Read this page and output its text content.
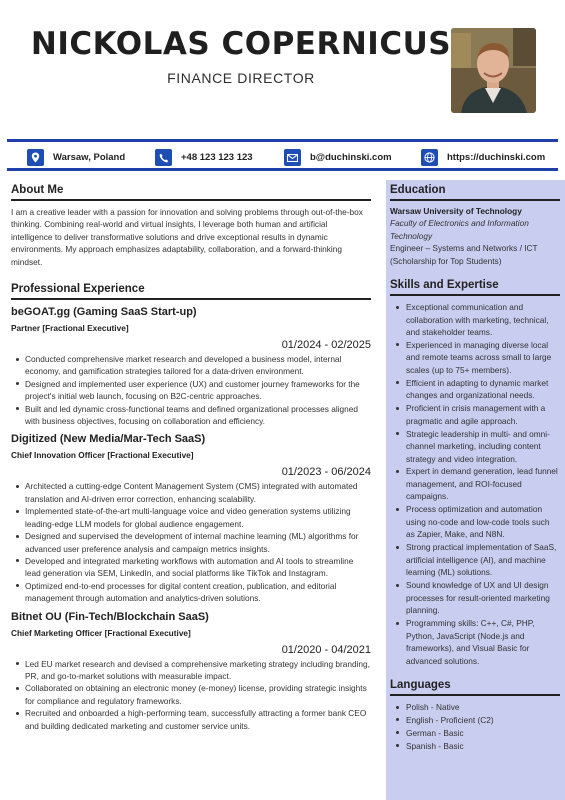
NICKOLAS COPERNICUS
FINANCE DIRECTOR
Warsaw, Poland	+48 123 123 123	b@duchinski.com	https://duchinski.com
About Me
I am a creative leader with a passion for innovation and solving problems through out-of-the-box thinking. Combining real-world and virtual insights, I leverage both human and artificial intelligence to deliver transformative solutions and drive exceptional results in dynamic environments. My approach emphasizes adaptability, collaboration, and a forward-thinking mindset.
Professional Experience
beGOAT.gg (Gaming SaaS Start-up)
Partner [Fractional Executive]
01/2024 - 02/2025
Conducted comprehensive market research and developed a business model, internal economy, and gamification strategies tailored for a data-driven environment.
Designed and implemented user experience (UX) and customer journey frameworks for the project's initial web launch, focusing on B2C-centric approaches.
Built and led dynamic cross-functional teams and defined organizational processes aligned with business objectives, focusing on collaboration and efficiency.
Digitized (New Media/Mar-Tech SaaS)
Chief Innovation Officer [Fractional Executive]
01/2023 - 06/2024
Architected a cutting-edge Content Management System (CMS) integrated with automated translation and AI-driven error correction, enhancing scalability.
Implemented state-of-the-art multi-language voice and video generation systems utilizing leading-edge LLM models for global audience engagement.
Designed and supervised the development of internal machine learning (ML) algorithms for advanced user preference analysis and campaign metrics insights.
Developed and integrated marketing workflows with automation and AI tools to streamline lead generation via SEM, LinkedIn, and social platforms like TikTok and Instagram.
Optimized end-to-end processes for digital content creation, publication, and editorial management through automation and analytics-driven solutions.
Bitnet OU (Fin-Tech/Blockchain SaaS)
Chief Marketing Officer [Fractional Executive]
01/2020 - 04/2021
Led EU market research and devised a comprehensive marketing strategy including branding, PR, and go-to-market solutions with measurable impact.
Collaborated on obtaining an electronic money (e-money) license, providing strategic insights for compliance and regulatory frameworks.
Recruited and onboarded a high-performing team, successfully attracting a former bank CEO and building dedicated marketing and customer service units.
Education
Warsaw University of Technology
Faculty of Electronics and Information Technology
Engineer – Systems and Networks / ICT (Scholarship for Top Students)
Skills and Expertise
Exceptional communication and collaboration with marketing, technical, and stakeholder teams.
Experienced in managing diverse local and remote teams across small to large scales (up to 75+ members).
Efficient in adapting to dynamic market changes and organizational needs.
Proficient in crisis management with a pragmatic and agile approach.
Strategic leadership in multi- and omni-channel marketing, including content strategy and video integration.
Expert in demand generation, lead funnel management, and ROI-focused campaigns.
Process optimization and automation using no-code and low-code tools such as Zapier, Make, and N8N.
Strong practical implementation of SaaS, artificial intelligence (AI), and machine learning (ML) solutions.
Sound knowledge of UX and UI design processes for result-oriented marketing planning.
Programming skills: C++, C#, PHP, Python, JavaScript (Node.js and frameworks), and Visual Basic for advanced solutions.
Languages
Polish - Native
English - Proficient (C2)
German - Basic
Spanish - Basic
